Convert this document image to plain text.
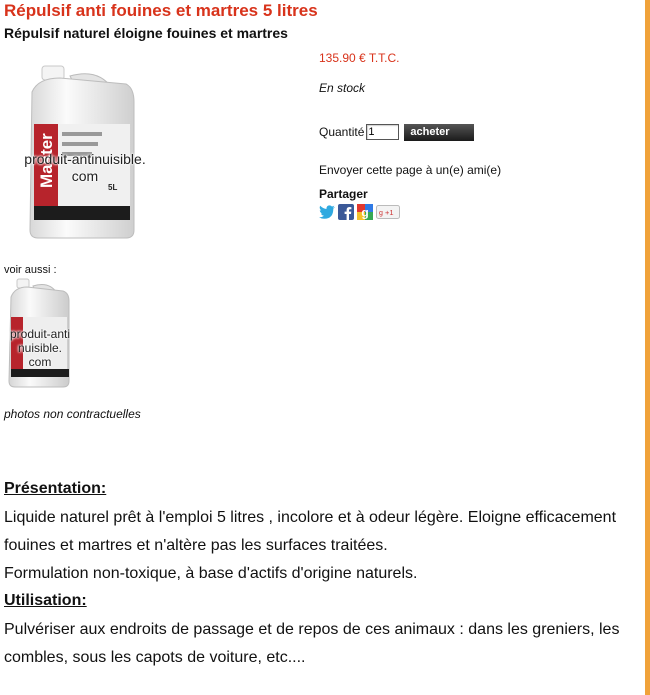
Répulsif anti fouines et martres 5 litres
Répulsif naturel éloigne fouines et martres
Master	5L
produit-antinuisible.
com
135.90 € T.T.C.
En stock
Quantité
1	acheter
Envoyer cette page à un(e) ami(e)
Partager
g g +1
voir aussi :
produit-anti
nuisible.
com
photos non contractuelles
Présentation:
Liquide naturel prêt à l'emploi 5 litres , incolore et à odeur légère. Eloigne efficacement fouines et martres et n'altère pas les surfaces traitées.
Formulation non-toxique, à base d'actifs d'origine naturels.
Utilisation:
Pulvériser aux endroits de passage et de repos de ces animaux : dans les greniers, les combles, sous les capots de voiture, etc....
